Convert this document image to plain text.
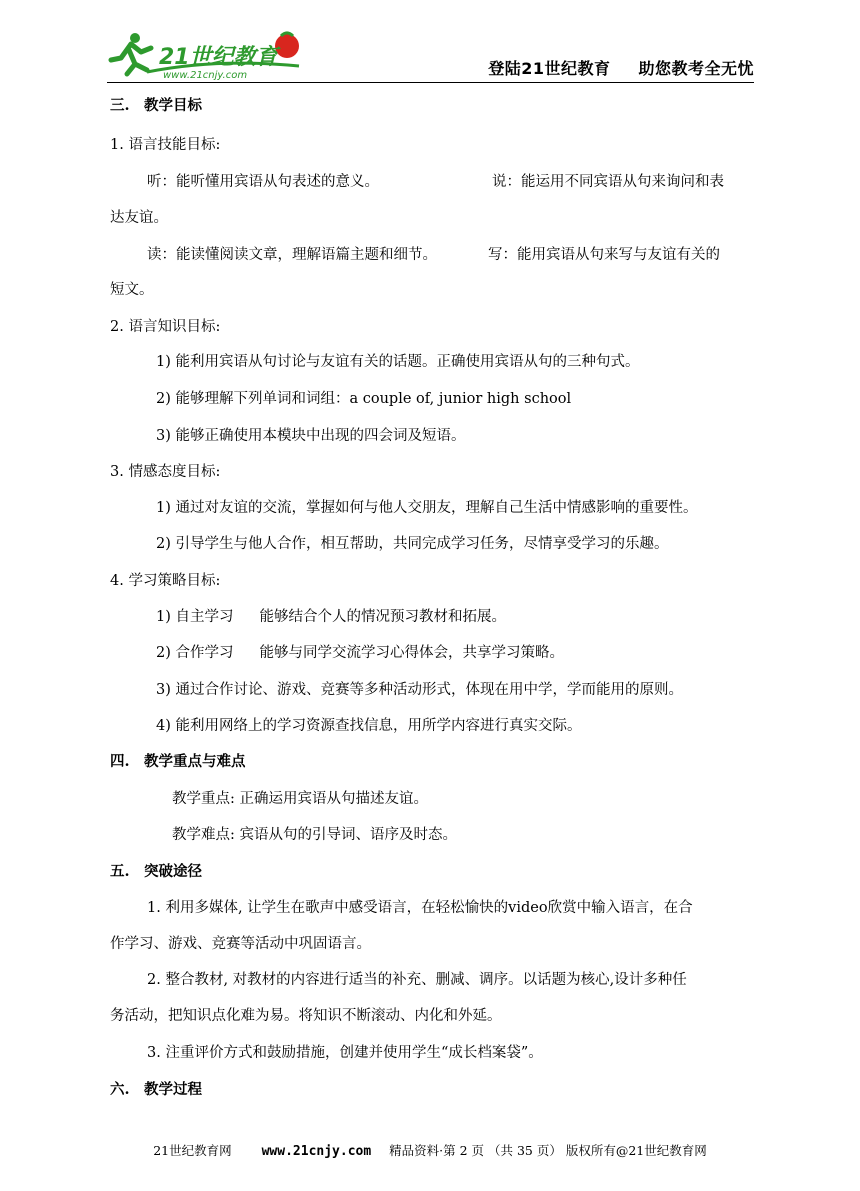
21世纪教育
www.21cnjy.com	登陆21世纪教育 助您教考全无忧
三.　教学目标
1. 语言技能目标:
听：能听懂用宾语从句表述的意义。	说：能运用不同宾语从句来询问和表
达友谊。
读：能读懂阅读文章，理解语篇主题和细节。	写：能用宾语从句来写与友谊有关的
短文。
2. 语言知识目标:
1) 能利用宾语从句讨论与友谊有关的话题。正确使用宾语从句的三种句式。
2) 能够理解下列单词和词组：a couple of, junior high school
3) 能够正确使用本模块中出现的四会词及短语。
3. 情感态度目标:
1) 通过对友谊的交流，掌握如何与他人交朋友，理解自己生活中情感影响的重要性。
2) 引导学生与他人合作，相互帮助，共同完成学习任务，尽情享受学习的乐趣。
4. 学习策略目标:
1) 自主学习 能够结合个人的情况预习教材和拓展。
2) 合作学习 能够与同学交流学习心得体会，共享学习策略。
3) 通过合作讨论、游戏、竞赛等多种活动形式，体现在用中学，学而能用的原则。
4) 能利用网络上的学习资源查找信息，用所学内容进行真实交际。
四.　教学重点与难点
教学重点: 正确运用宾语从句描述友谊。
教学难点: 宾语从句的引导词、语序及时态。
五.　突破途径
1. 利用多媒体, 让学生在歌声中感受语言，在轻松愉快的video欣赏中输入语言，在合
作学习、游戏、竞赛等活动中巩固语言。
2. 整合教材, 对教材的内容进行适当的补充、删减、调序。以话题为核心,设计多种任
务活动，把知识点化难为易。将知识不断滚动、内化和外延。
3. 注重评价方式和鼓励措施，创建并使用学生“成长档案袋”。
六.　教学过程
21世纪教育网 www.21cnjy.com 精品资料·第 2 页 （共 35 页） 版权所有@21世纪教育网
